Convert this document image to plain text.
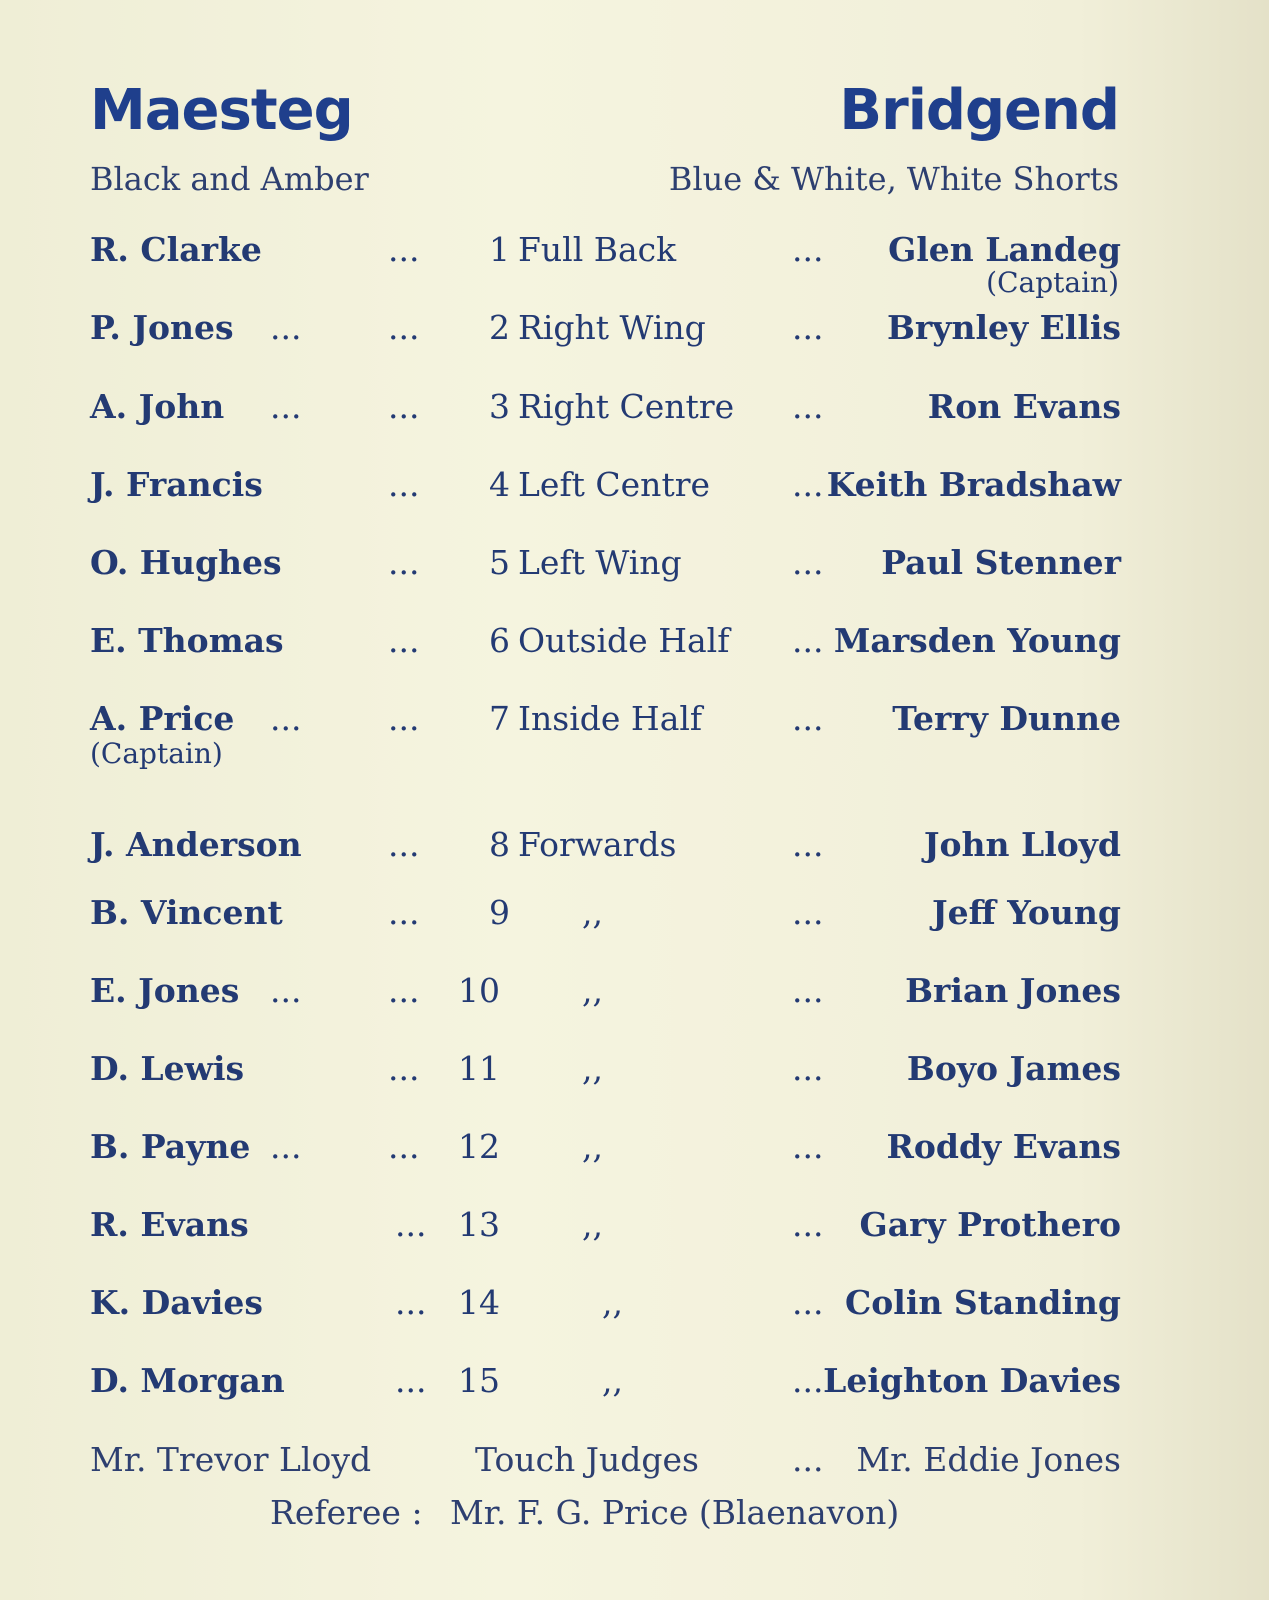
Maesteg	Bridgend
Black and Amber	Blue & White, White Shorts
R. Clarke	...	1 Full Back	... Glen Landeg
(Captain)
P. Jones ...	...	2 Right Wing	... Brynley Ellis
A. John ...	...	3 Right Centre ...	Ron Evans
J. Francis	...	4 Left Centre ... Keith Bradshaw
O. Hughes	...	5 Left Wing	... Paul Stenner
E. Thomas	...	6 Outside Half ... Marsden Young
A. Price ...	...	7 Inside Half	... Terry Dunne
(Captain)
J. Anderson	...	8 Forwards	...	John Lloyd
B. Vincent	...	9 ,,	...	Jeff Young
E. Jones ...	...	10 ,,	... Brian Jones
D. Lewis	...	11 ,,	...	Boyo James
B. Payne ...	...	12 ,,	... Roddy Evans
R. Evans	... 13 ,,	... Gary Prothero
K. Davies	... 14	,,	... Colin Standing
D. Morgan	... 15	,,	... Leighton Davies
Mr. Trevor Lloyd	Touch Judges	... Mr. Eddie Jones
Referee : Mr. F. G. Price (Blaenavon)
